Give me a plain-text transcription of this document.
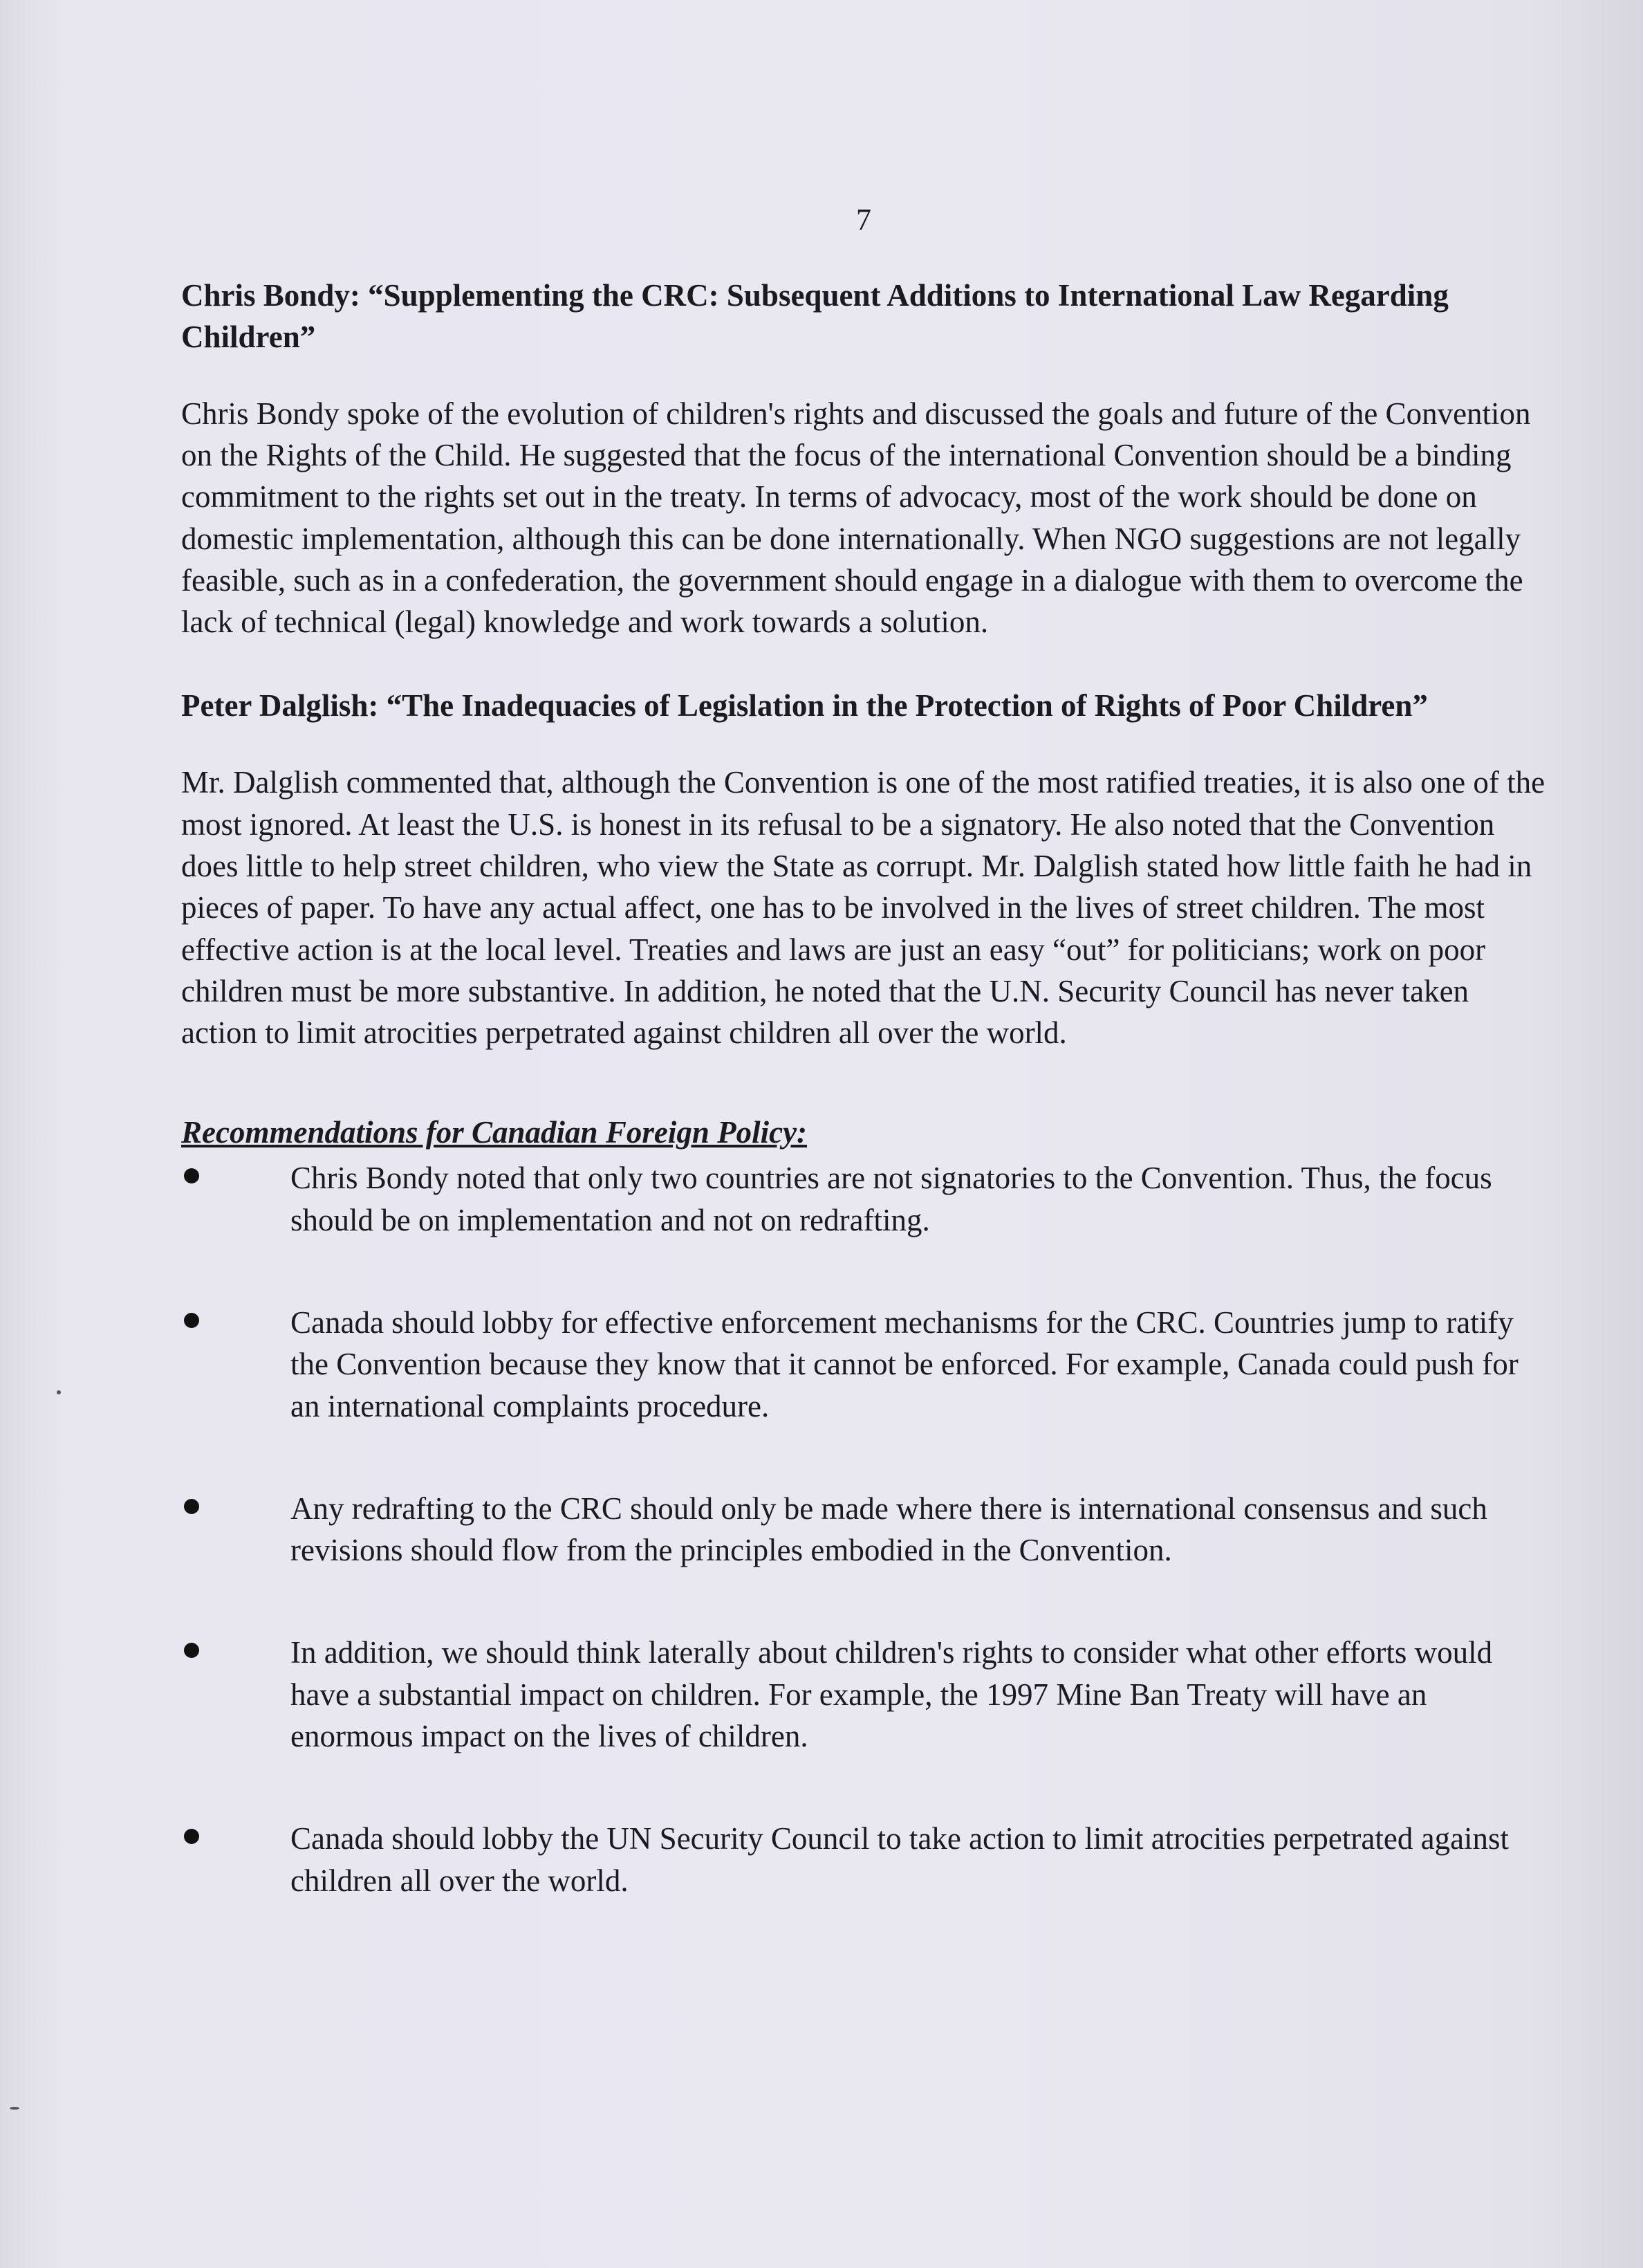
7
Chris Bondy: “Supplementing the CRC: Subsequent Additions to International Law Regarding Children”

Chris Bondy spoke of the evolution of children's rights and discussed the goals and future of the Convention on the Rights of the Child. He suggested that the focus of the international Convention should be a binding commitment to the rights set out in the treaty. In terms of advocacy, most of the work should be done on domestic implementation, although this can be done internationally. When NGO suggestions are not legally feasible, such as in a confederation, the government should engage in a dialogue with them to overcome the lack of technical (legal) knowledge and work towards a solution.

Peter Dalglish: “The Inadequacies of Legislation in the Protection of Rights of Poor Children”

Mr. Dalglish commented that, although the Convention is one of the most ratified treaties, it is also one of the most ignored. At least the U.S. is honest in its refusal to be a signatory. He also noted that the Convention does little to help street children, who view the State as corrupt. Mr. Dalglish stated how little faith he had in pieces of paper. To have any actual affect, one has to be involved in the lives of street children. The most effective action is at the local level. Treaties and laws are just an easy “out” for politicians; work on poor children must be more substantive. In addition, he noted that the U.N. Security Council has never taken action to limit atrocities perpetrated against children all over the world.

Recommendations for Canadian Foreign Policy:
Chris Bondy noted that only two countries are not signatories to the Convention. Thus, the focus should be on implementation and not on redrafting.
Canada should lobby for effective enforcement mechanisms for the CRC. Countries jump to ratify the Convention because they know that it cannot be enforced. For example, Canada could push for an international complaints procedure.
Any redrafting to the CRC should only be made where there is international consensus and such revisions should flow from the principles embodied in the Convention.
In addition, we should think laterally about children's rights to consider what other efforts would have a substantial impact on children. For example, the 1997 Mine Ban Treaty will have an enormous impact on the lives of children.
Canada should lobby the UN Security Council to take action to limit atrocities perpetrated against children all over the world.
